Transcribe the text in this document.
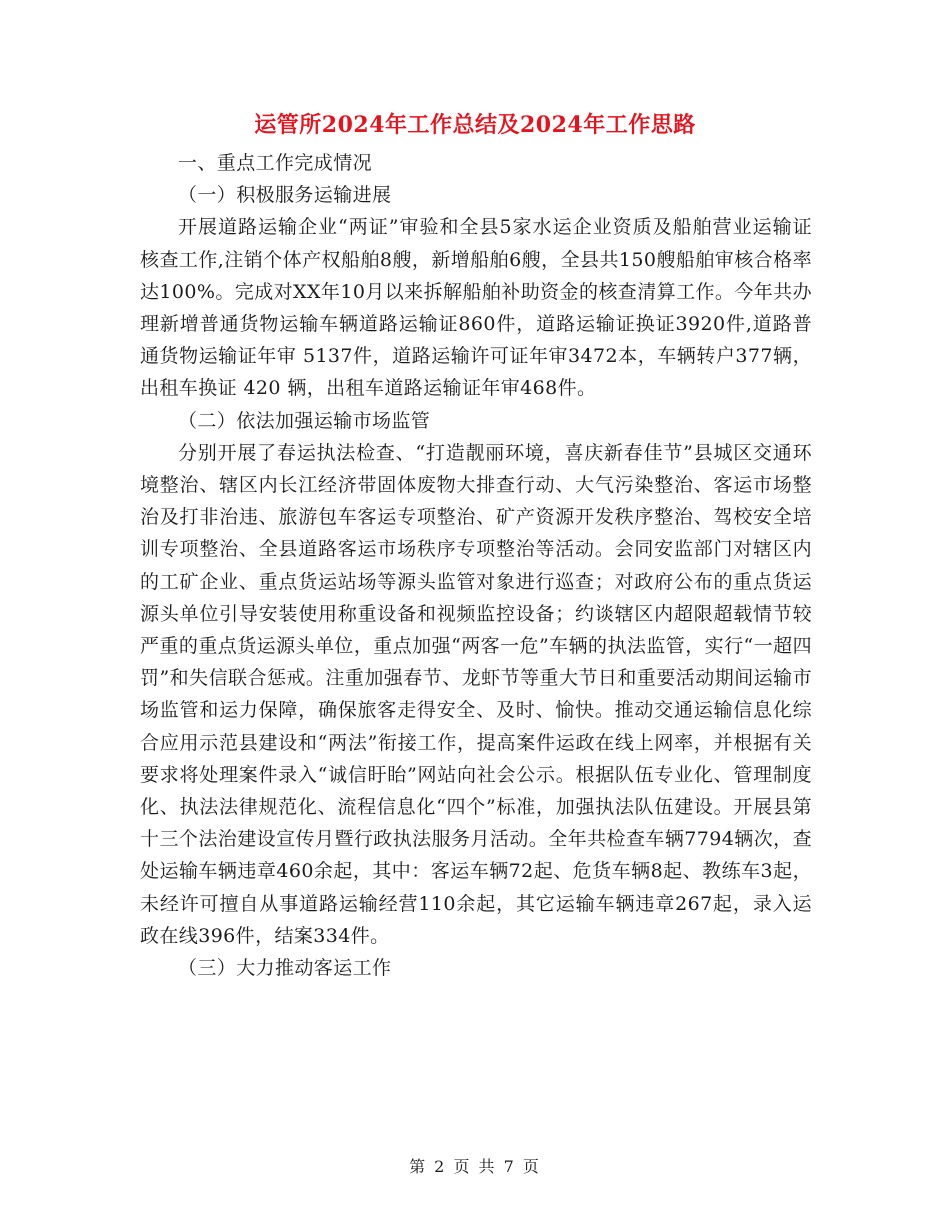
运管所2024年工作总结及2024年工作思路

一、重点工作完成情况

（一）积极服务运输进展

开展道路运输企业“两证”审验和全县5家水运企业资质及船舶营业运输证核查工作,注销个体产权船舶8艘，新增船舶6艘，全县共150艘船舶审核合格率达100%。完成对XX年10月以来拆解船舶补助资金的核查清算工作。今年共办理新增普通货物运输车辆道路运输证860件，道路运输证换证3920件,道路普通货物运输证年审 5137件，道路运输许可证年审3472本，车辆转户377辆，出租车换证 420 辆，出租车道路运输证年审468件。

（二）依法加强运输市场监管

分别开展了春运执法检查、“打造靓丽环境，喜庆新春佳节”县城区交通环境整治、辖区内长江经济带固体废物大排查行动、大气污染整治、客运市场整治及打非治违、旅游包车客运专项整治、矿产资源开发秩序整治、驾校安全培训专项整治、全县道路客运市场秩序专项整治等活动。会同安监部门对辖区内的工矿企业、重点货运站场等源头监管对象进行巡查；对政府公布的重点货运源头单位引导安装使用称重设备和视频监控设备；约谈辖区内超限超载情节较严重的重点货运源头单位，重点加强“两客一危”车辆的执法监管，实行“一超四罚”和失信联合惩戒。注重加强春节、龙虾节等重大节日和重要活动期间运输市场监管和运力保障，确保旅客走得安全、及时、愉快。推动交通运输信息化综合应用示范县建设和“两法”衔接工作，提高案件运政在线上网率，并根据有关要求将处理案件录入“诚信盱眙”网站向社会公示。根据队伍专业化、管理制度化、执法法律规范化、流程信息化“四个”标准，加强执法队伍建设。开展县第十三个法治建设宣传月暨行政执法服务月活动。全年共检查车辆7794辆次，查处运输车辆违章460余起，其中：客运车辆72起、危货车辆8起、教练车3起，未经许可擅自从事道路运输经营110余起，其它运输车辆违章267起，录入运政在线396件，结案334件。

（三）大力推动客运工作

第 2 页 共 7 页
